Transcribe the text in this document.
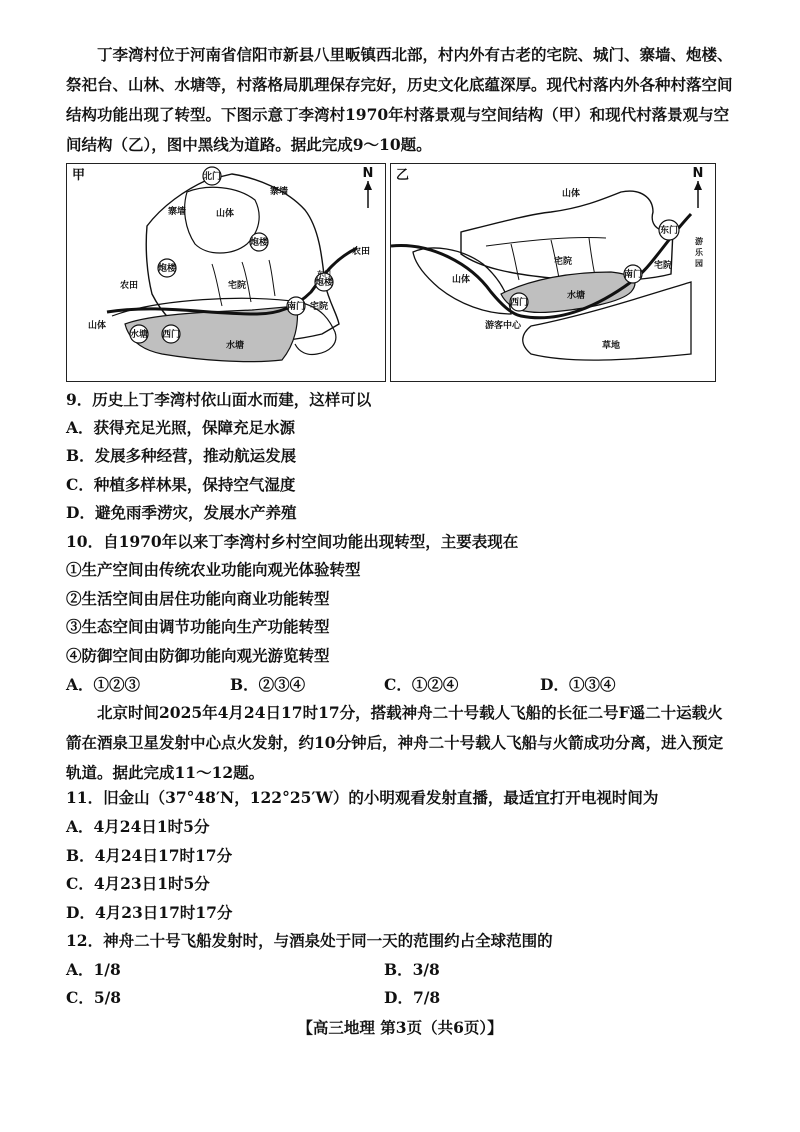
丁李湾村位于河南省信阳市新县八里畈镇西北部，村内外有古老的宅院、城门、寨墙、炮楼、祭祀台、山林、水塘等，村落格局肌理保存完好，历史文化底蕴深厚。现代村落内外各种村落空间结构功能出现了转型。下图示意丁李湾村1970年村落景观与空间结构（甲）和现代村落景观与空间结构（乙），图中黑线为道路。据此完成9～10题。
甲	N
北门
寨墙
寨墙	山体
炮楼
炮楼
炮楼
农田
农田	宅院
宅院
东门
南门
山体
水塘 西门
水塘
乙	N
山体
东门
游乐园
宅院
南门
宅院
山体
西门
水塘
游客中心
草地
9．历史上丁李湾村依山面水而建，这样可以
A．获得充足光照，保障充足水源
B．发展多种经营，推动航运发展
C．种植多样林果，保持空气湿度
D．避免雨季涝灾，发展水产养殖
10．自1970年以来丁李湾村乡村空间功能出现转型，主要表现在
①生产空间由传统农业功能向观光体验转型
②生活空间由居住功能向商业功能转型
③生态空间由调节功能向生产功能转型
④防御空间由防御功能向观光游览转型
A．①②③	B．②③④	C．①②④	D．①③④
北京时间2025年4月24日17时17分，搭载神舟二十号载人飞船的长征二号F遥二十运载火箭在酒泉卫星发射中心点火发射，约10分钟后，神舟二十号载人飞船与火箭成功分离，进入预定轨道。据此完成11～12题。
11．旧金山（37°48′N，122°25′W）的小明观看发射直播，最适宜打开电视时间为
A．4月24日1时5分
B．4月24日17时17分
C．4月23日1时5分
D．4月23日17时17分
12．神舟二十号飞船发射时，与酒泉处于同一天的范围约占全球范围的
A．1/8	B．3/8
C．5/8	D．7/8
【高三地理 第3页（共6页）】
